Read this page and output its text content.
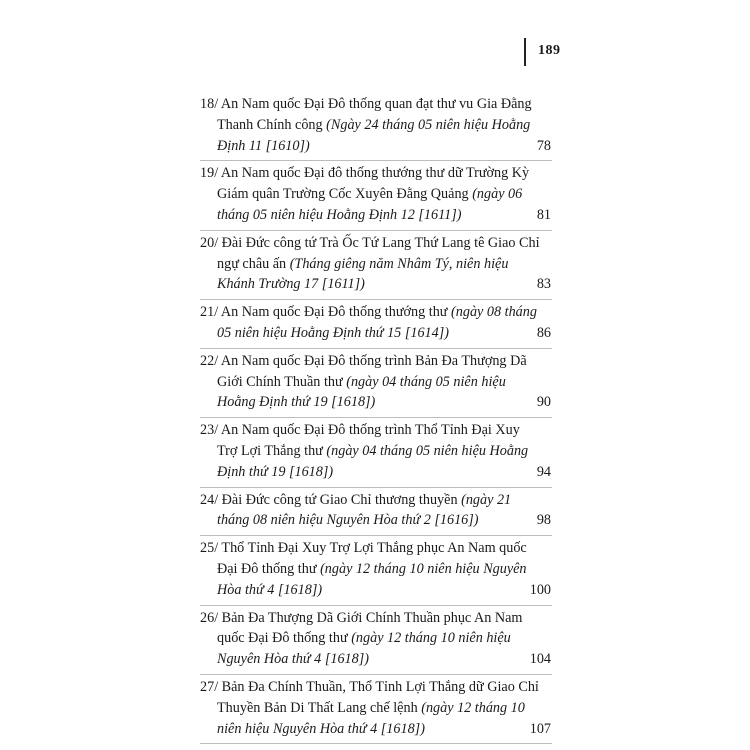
189
18/ An Nam quốc Đại Đô thống quan đạt thư vu Gia Đằng Thanh Chính công (Ngày 24 tháng 05 niên hiệu Hoằng Định 11 [1610])	78
19/ An Nam quốc Đại đô thống thướng thư dữ Trường Kỳ Giám quân Trường Cốc Xuyên Đằng Quảng (ngày 06 tháng 05 niên hiệu Hoằng Định 12 [1611])	81
20/ Đài Đức công tứ Trà Ốc Tứ Lang Thứ Lang tê Giao Chỉ ngự châu ấn (Tháng giêng năm Nhâm Tý, niên hiệu Khánh Trường 17 [1611])	83
21/ An Nam quốc Đại Đô thống thướng thư (ngày 08 tháng 05 niên hiệu Hoằng Định thứ 15 [1614])	86
22/ An Nam quốc Đại Đô thống trình Bản Đa Thượng Dã Giới Chính Thuần thư (ngày 04 tháng 05 niên hiệu Hoằng Định thứ 19 [1618])	90
23/ An Nam quốc Đại Đô thống trình Thổ Tỉnh Đại Xuy Trợ Lợi Thắng thư (ngày 04 tháng 05 niên hiệu Hoằng Định thứ 19 [1618])	94
24/ Đài Đức công tứ Giao Chỉ thương thuyền (ngày 21 tháng 08 niên hiệu Nguyên Hòa thứ 2 [1616])	98
25/ Thổ Tỉnh Đại Xuy Trợ Lợi Thắng phục An Nam quốc Đại Đô thống thư (ngày 12 tháng 10 niên hiệu Nguyên Hòa thứ 4 [1618])	100
26/ Bản Đa Thượng Dã Giới Chính Thuần phục An Nam quốc Đại Đô thống thư (ngày 12 tháng 10 niên hiệu Nguyên Hòa thứ 4 [1618])	104
27/ Bản Đa Chính Thuần, Thổ Tỉnh Lợi Thắng dữ Giao Chỉ Thuyền Bản Di Thất Lang chế lệnh (ngày 12 tháng 10 niên hiệu Nguyên Hòa thứ 4 [1618])	107
